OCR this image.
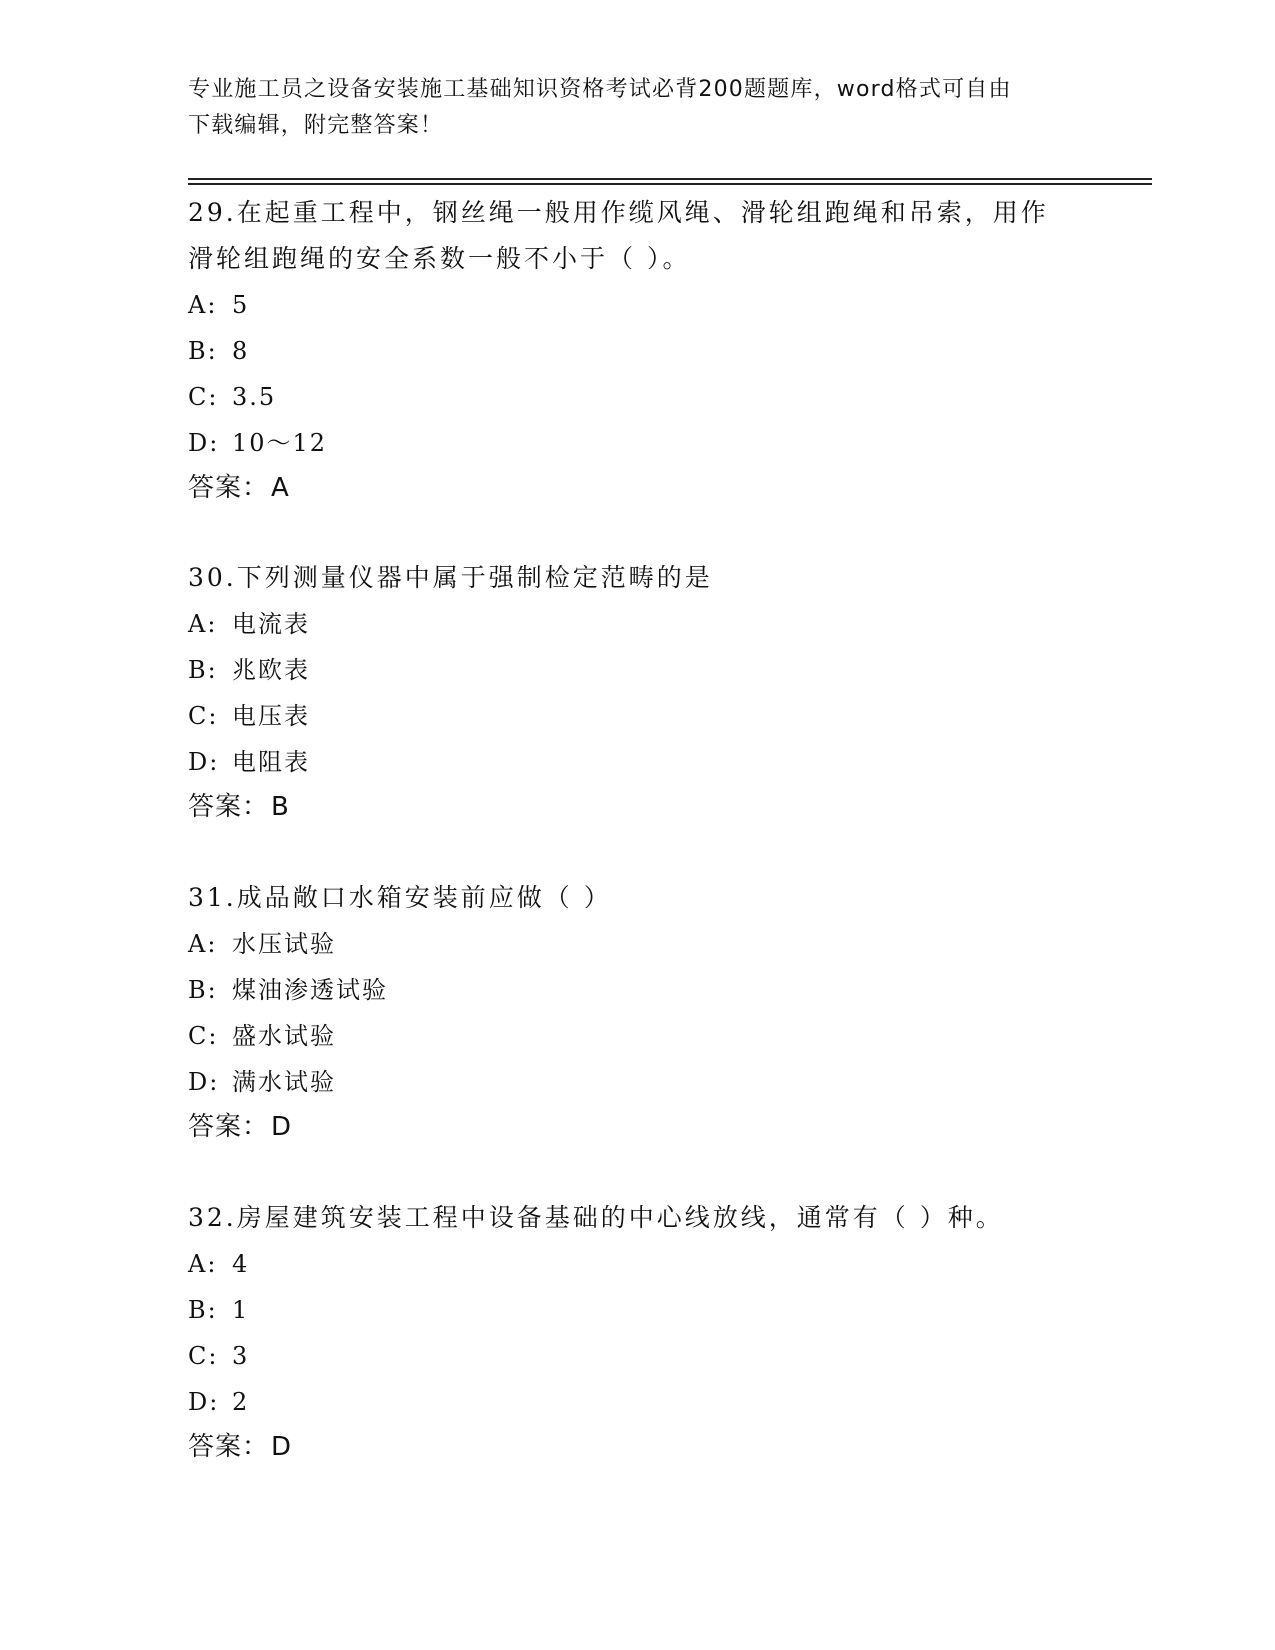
专业施工员之设备安装施工基础知识资格考试必背200题题库，word格式可自由
下载编辑，附完整答案！

29.在起重工程中，钢丝绳一般用作缆风绳、滑轮组跑绳和吊索，用作
滑轮组跑绳的安全系数一般不小于（ ）。

A: 5
B: 8
C: 3.5
D: 10～12
答案： A

30.下列测量仪器中属于强制检定范畴的是

A: 电流表
B: 兆欧表
C: 电压表
D: 电阻表
答案： B

31.成品敞口水箱安装前应做（ ）

A: 水压试验
B: 煤油渗透试验
C: 盛水试验
D: 满水试验
答案： D

32.房屋建筑安装工程中设备基础的中心线放线，通常有（ ）种。

A: 4
B: 1
C: 3
D: 2
答案： D
